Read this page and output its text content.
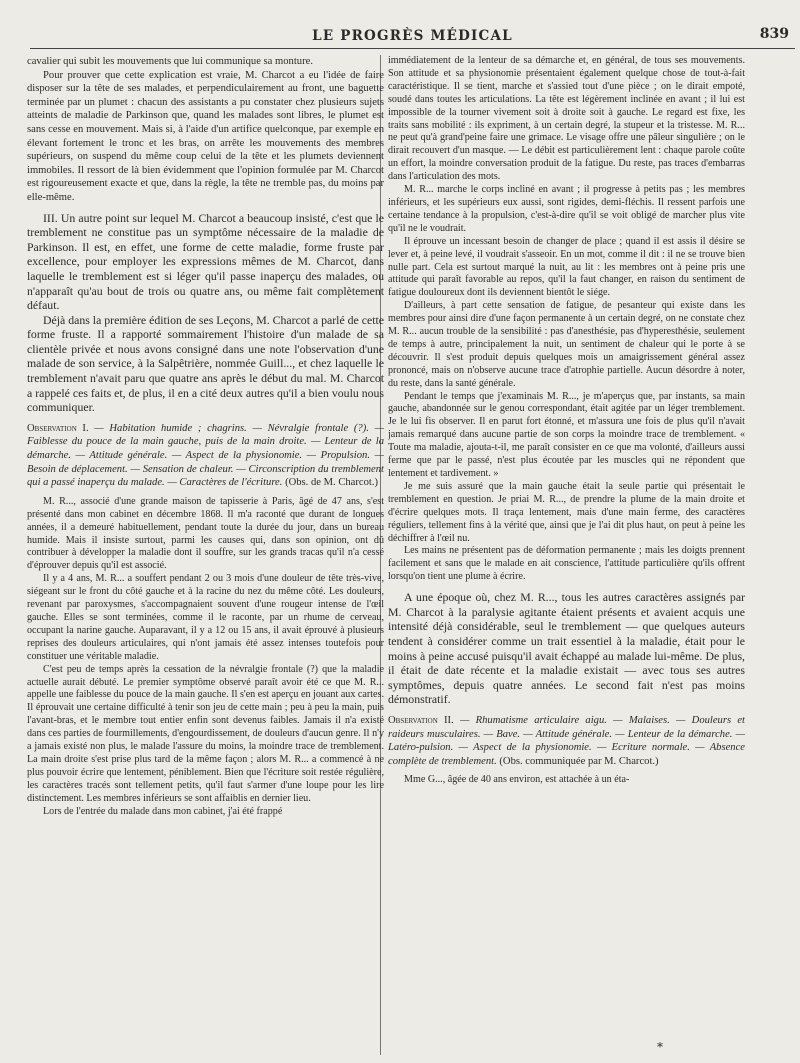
LE PROGRÈS MÉDICAL	839

cavalier qui subit les mouvements que lui communique sa monture.

Pour prouver que cette explication est vraie, M. Charcot a eu l'idée de faire disposer sur la tête de ses malades, et perpendiculairement au front, une baguette terminée par un plumet : chacun des assistants a pu constater chez plusieurs sujets atteints de maladie de Parkinson que, quand les malades sont libres, le plumet est sans cesse en mouvement. Mais si, à l'aide d'un artifice quelconque, par exemple en élevant fortement le tronc et les bras, on arrête les mouvements des membres supérieurs, on suspend du même coup celui de la tête et les plumets deviennent immobiles. Il ressort de là bien évidemment que l'opinion formulée par M. Charcot est rigoureusement exacte et que, dans la règle, la tête ne tremble pas, du moins par elle-même.

III. Un autre point sur lequel M. Charcot a beaucoup insisté, c'est que le tremblement ne constitue pas un symptôme nécessaire de la maladie de Parkinson. Il est, en effet, une forme de cette maladie, forme fruste par excellence, pour employer les expressions mêmes de M. Charcot, dans laquelle le tremblement est si léger qu'il passe inaperçu des malades, ou n'apparaît qu'au bout de trois ou quatre ans, ou même fait complètement défaut.

Déjà dans la première édition de ses Leçons, M. Charcot a parlé de cette forme fruste. Il a rapporté sommairement l'histoire d'un malade de sa clientèle privée et nous avons consigné dans une note l'observation d'une malade de son service, à la Salpêtrière, nommée Guill..., et chez laquelle le tremblement n'avait paru que quatre ans après le début du mal. M. Charcot a rappelé ces faits et, de plus, il en a cité deux autres qu'il a bien voulu nous communiquer.

Observation I. — Habitation humide ; chagrins. — Névralgie frontale (?). — Faiblesse du pouce de la main gauche, puis de la main droite. — Lenteur de la démarche. — Attitude générale. — Aspect de la physionomie. — Propulsion. — Besoin de déplacement. — Sensation de chaleur. — Circonscription du tremblement qui a passé inaperçu du malade. — Caractères de l'écriture. (Obs. de M. Charcot.)

M. R..., associé d'une grande maison de tapisserie à Paris, âgé de 47 ans, s'est présenté dans mon cabinet en décembre 1868. Il m'a raconté que durant de longues années, il a demeuré habituellement, pendant toute la durée du jour, dans un bureau humide. Mais il insiste surtout, parmi les causes qui, dans son opinion, ont dû contribuer à développer la maladie dont il souffre, sur les grands tracas qu'il n'a cessé d'éprouver depuis qu'il est associé.

Il y a 4 ans, M. R... a souffert pendant 2 ou 3 mois d'une douleur de tête très-vive, siégeant sur le front du côté gauche et à la racine du nez du même côté. Les douleurs, revenant par paroxysmes, s'accompagnaient souvent d'une rougeur intense de l'œil gauche. Elles se sont terminées, comme il le raconte, par un rhume de cerveau, occupant la narine gauche. Auparavant, il y a 12 ou 15 ans, il avait éprouvé à plusieurs reprises des douleurs articulaires, qui n'ont jamais été assez intenses toutefois pour constituer une véritable maladie.

C'est peu de temps après la cessation de la névralgie frontale (?) que la maladie actuelle aurait débuté. Le premier symptôme observé paraît avoir été ce que M. R... appelle une faiblesse du pouce de la main gauche. Il s'en est aperçu en jouant aux cartes. Il éprouvait une certaine difficulté à tenir son jeu de cette main ; peu à peu la main, puis l'avant-bras, et le membre tout entier enfin sont devenus faibles. Jamais il n'a existé dans ces parties de fourmillements, d'engourdissement, de douleurs d'aucun genre. Il n'y a jamais existé non plus, le malade l'assure du moins, la moindre trace de tremblement. La main droite s'est prise plus tard de la même façon ; alors M. R... a commencé à ne plus pouvoir écrire que lentement, péniblement. Bien que l'écriture soit restée régulière, les caractères tracés sont tellement petits, qu'il faut s'armer d'une loupe pour les lire distinctement. Les membres inférieurs se sont affaiblis en dernier lieu.

Lors de l'entrée du malade dans mon cabinet, j'ai été frappé

immédiatement de la lenteur de sa démarche et, en général, de tous ses mouvements. Son attitude et sa physionomie présentaient également quelque chose de tout-à-fait caractéristique. Il se tient, marche et s'assied tout d'une pièce ; on le dirait empoté, soudé dans toutes les articulations. La tête est légèrement inclinée en avant ; il lui est impossible de la tourner vivement soit à droite soit à gauche. Le regard est fixe, les traits sans mobilité : ils expriment, à un certain degré, la stupeur et la tristesse. M. R... ne peut qu'à grand'peine faire une grimace. Le visage offre une pâleur singulière ; on le dirait recouvert d'un masque. — Le débit est particulièrement lent : chaque parole coûte un effort, la moindre conversation produit de la fatigue. Du reste, pas traces d'embarras dans l'articulation des mots.

M. R... marche le corps incliné en avant ; il progresse à petits pas ; les membres inférieurs, et les supérieurs eux aussi, sont rigides, demi-fléchis. Il ressent parfois une certaine tendance à la propulsion, c'est-à-dire qu'il se voit obligé de marcher plus vite qu'il ne le voudrait.

Il éprouve un incessant besoin de changer de place ; quand il est assis il désire se lever et, à peine levé, il voudrait s'asseoir. En un mot, comme il dit : il ne se trouve bien nulle part. Cela est surtout marqué la nuit, au lit : les membres ont à peine pris une attitude qui paraît favorable au repos, qu'il la faut changer, en raison du sentiment de fatigue douloureux dont ils deviennent bientôt le siége.

D'ailleurs, à part cette sensation de fatigue, de pesanteur qui existe dans les membres pour ainsi dire d'une façon permanente à un certain degré, on ne constate chez M. R... aucun trouble de la sensibilité : pas d'anesthésie, pas d'hyperesthésie, seulement de temps à autre, principalement la nuit, un sentiment de chaleur qui le porte à se découvrir. Il s'est produit depuis quelques mois un amaigrissement général assez prononcé, mais on n'observe aucune trace d'atrophie partielle. Aucun désordre à noter, du reste, dans la santé générale.

Pendant le temps que j'examinais M. R..., je m'aperçus que, par instants, sa main gauche, abandonnée sur le genou correspondant, était agitée par un léger tremblement. Je le lui fis observer. Il en parut fort étonné, et m'assura une fois de plus qu'il n'avait jamais remarqué dans aucune partie de son corps la moindre trace de tremblement. « Toute ma maladie, ajouta-t-il, me paraît consister en ce que ma volonté, d'ailleurs aussi ferme que par le passé, n'est plus écoutée par les muscles qui ne répondent que lentement et tardivement. »

Je me suis assuré que la main gauche était la seule partie qui présentait le tremblement en question. Je priai M. R..., de prendre la plume de la main droite et d'écrire quelques mots. Il traça lentement, mais d'une main ferme, des caractères réguliers, tellement fins à la vérité que, ainsi que je l'ai dit plus haut, on peut à peine les déchiffrer à l'œil nu.

Les mains ne présentent pas de déformation permanente ; mais les doigts prennent facilement et sans que le malade en ait conscience, l'attitude particulière qu'ils offrent lorsqu'on tient une plume à écrire.

A une époque où, chez M. R..., tous les autres caractères assignés par M. Charcot à la paralysie agitante étaient présents et avaient acquis une intensité déjà considérable, seul le tremblement — que quelques auteurs tendent à considérer comme un trait essentiel à la maladie, était pour le moins à peine accusé puisqu'il avait échappé au malade lui-même. De plus, il était de date récente et la maladie existait — avec tous ses autres symptômes, depuis quatre années. Le second fait n'est pas moins démonstratif.

Observation II. — Rhumatisme articulaire aigu. — Malaises. — Douleurs et raideurs musculaires. — Bave. — Attitude générale. — Lenteur de la démarche. — Latéro-pulsion. — Aspect de la physionomie. — Ecriture normale. — Absence complète de tremblement. (Obs. communiquée par M. Charcot.)

Mme G..., âgée de 40 ans environ, est attachée à un éta-

*
